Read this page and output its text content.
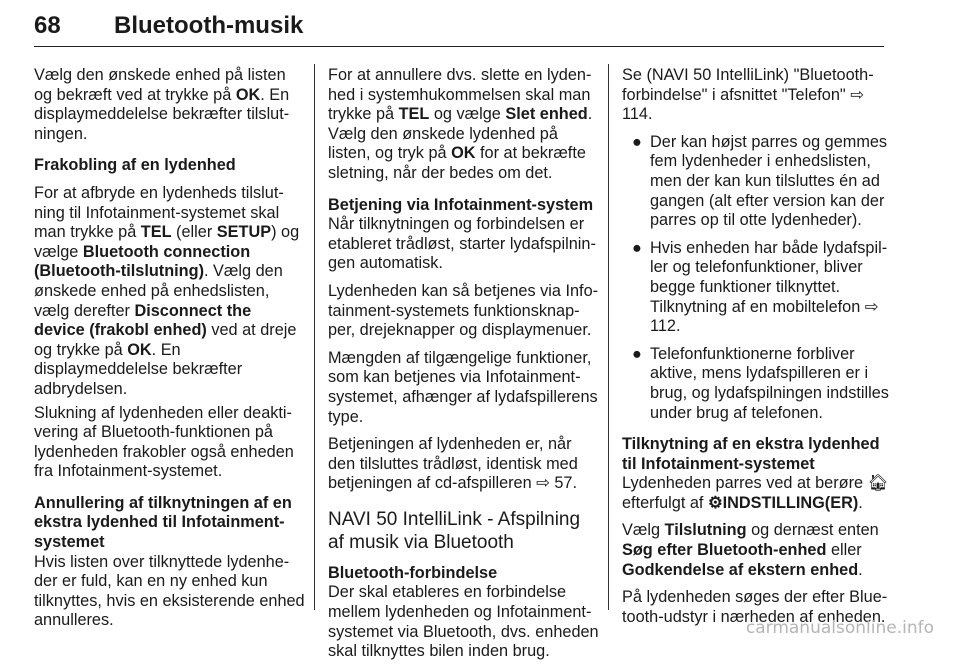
68 Bluetooth-musik

Vælg den ønskede enhed på listen og bekræft ved at trykke på OK. En displaymeddelelse bekræfter tilslutningen.

Frakobling af en lydenhed

For at afbryde en lydenheds tilslutning til Infotainment-systemet skal man trykke på TEL (eller SETUP) og vælge Bluetooth connection (Bluetooth-tilslutning). Vælg den ønskede enhed på enhedslisten, vælg derefter Disconnect the device (frakobl enhed) ved at dreje og trykke på OK. En displaymeddelelse bekræfter adbrydelsen.

Slukning af lydenheden eller deaktivering af Bluetooth-funktionen på lydenheden frakobler også enheden fra Infotainment-systemet.

Annullering af tilknytningen af en ekstra lydenhed til Infotainment-systemet

Hvis listen over tilknyttede lydenheder er fuld, kan en ny enhed kun tilknyttes, hvis en eksisterende enhed annulleres.

For at annullere dvs. slette en lydenhed i systemhukommelsen skal man trykke på TEL og vælge Slet enhed. Vælg den ønskede lydenhed på listen, og tryk på OK for at bekræfte sletning, når der bedes om det.

Betjening via Infotainment-system

Når tilknytningen og forbindelsen er etableret trådløst, starter lydafspilningen automatisk.

Lydenheden kan så betjenes via Infotainment-systemets funktionsknapper, drejeknapper og displaymenuer.

Mængden af tilgængelige funktioner, som kan betjenes via Infotainment-systemet, afhænger af lydafspillerens type.

Betjeningen af lydenheden er, når den tilsluttes trådløst, identisk med betjeningen af cd-afspilleren ⇨ 57.

NAVI 50 IntelliLink - Afspilning af musik via Bluetooth

Bluetooth-forbindelse

Der skal etableres en forbindelse mellem lydenheden og Infotainment-systemet via Bluetooth, dvs. enheden skal tilknyttes bilen inden brug.

Se (NAVI 50 IntelliLink) "Bluetooth-forbindelse" i afsnittet "Telefon" ⇨ 114.

● Der kan højst parres og gemmes fem lydenheder i enhedslisten, men der kan kun tilsluttes én ad gangen (alt efter version kan der parres op til otte lydenheder).
● Hvis enheden har både lydafspiller og telefonfunktioner, bliver begge funktioner tilknyttet. Tilknytning af en mobiltelefon ⇨ 112.
● Telefonfunktionerne forbliver aktive, mens lydafspilleren er i brug, og lydafspilningen indstilles under brug af telefonen.

Tilknytning af en ekstra lydenhed til Infotainment-systemet

Lydenheden parres ved at berøre 🏠︎ efterfulgt af ⚙INDSTILLING(ER).

Vælg Tilslutning og dernæst enten Søg efter Bluetooth-enhed eller Godkendelse af ekstern enhed.

På lydenheden søges der efter Bluetooth-udstyr i nærheden af enheden.

carmanualsonline.info
